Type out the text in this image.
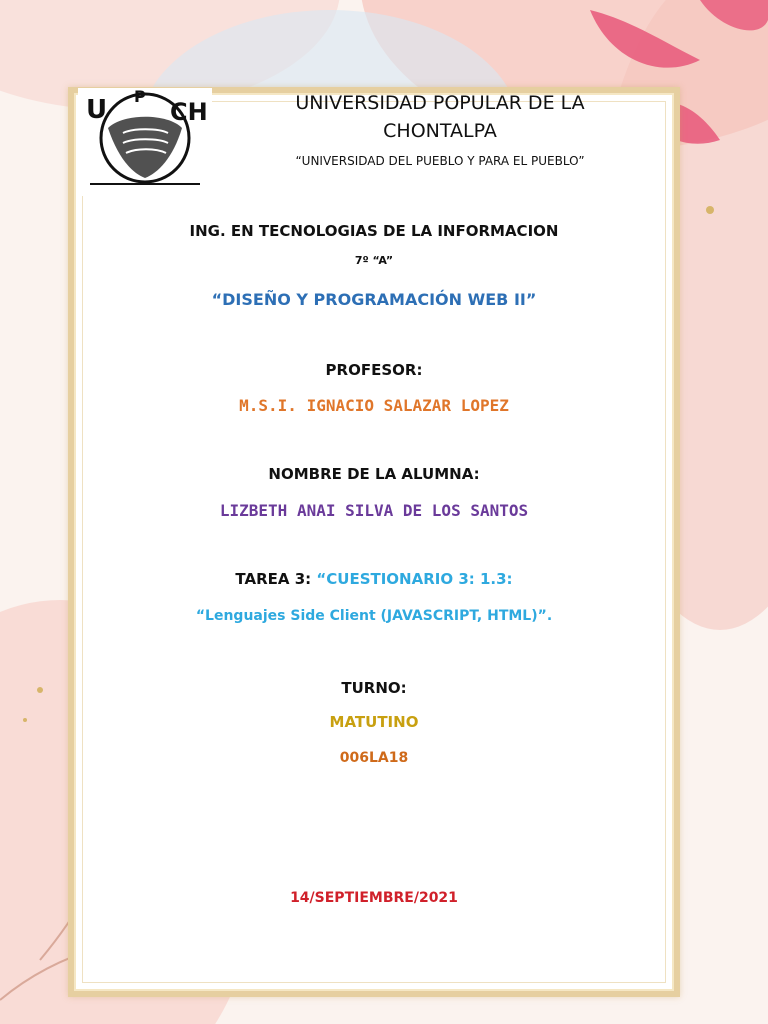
U P
CH	UNIVERSIDAD POPULAR DE LA
CHONTALPA
“UNIVERSIDAD DEL PUEBLO Y PARA EL PUEBLO”
ING. EN TECNOLOGIAS DE LA INFORMACION
7º “A”
“DISEÑO Y PROGRAMACIÓN WEB II”
PROFESOR:
M.S.I. IGNACIO SALAZAR LOPEZ
NOMBRE DE LA ALUMNA:
LIZBETH ANAI SILVA DE LOS SANTOS
TAREA 3: “CUESTIONARIO 3: 1.3:
“Lenguajes Side Client (JAVASCRIPT, HTML)”.
TURNO:
MATUTINO
006LA18
14/SEPTIEMBRE/2021
